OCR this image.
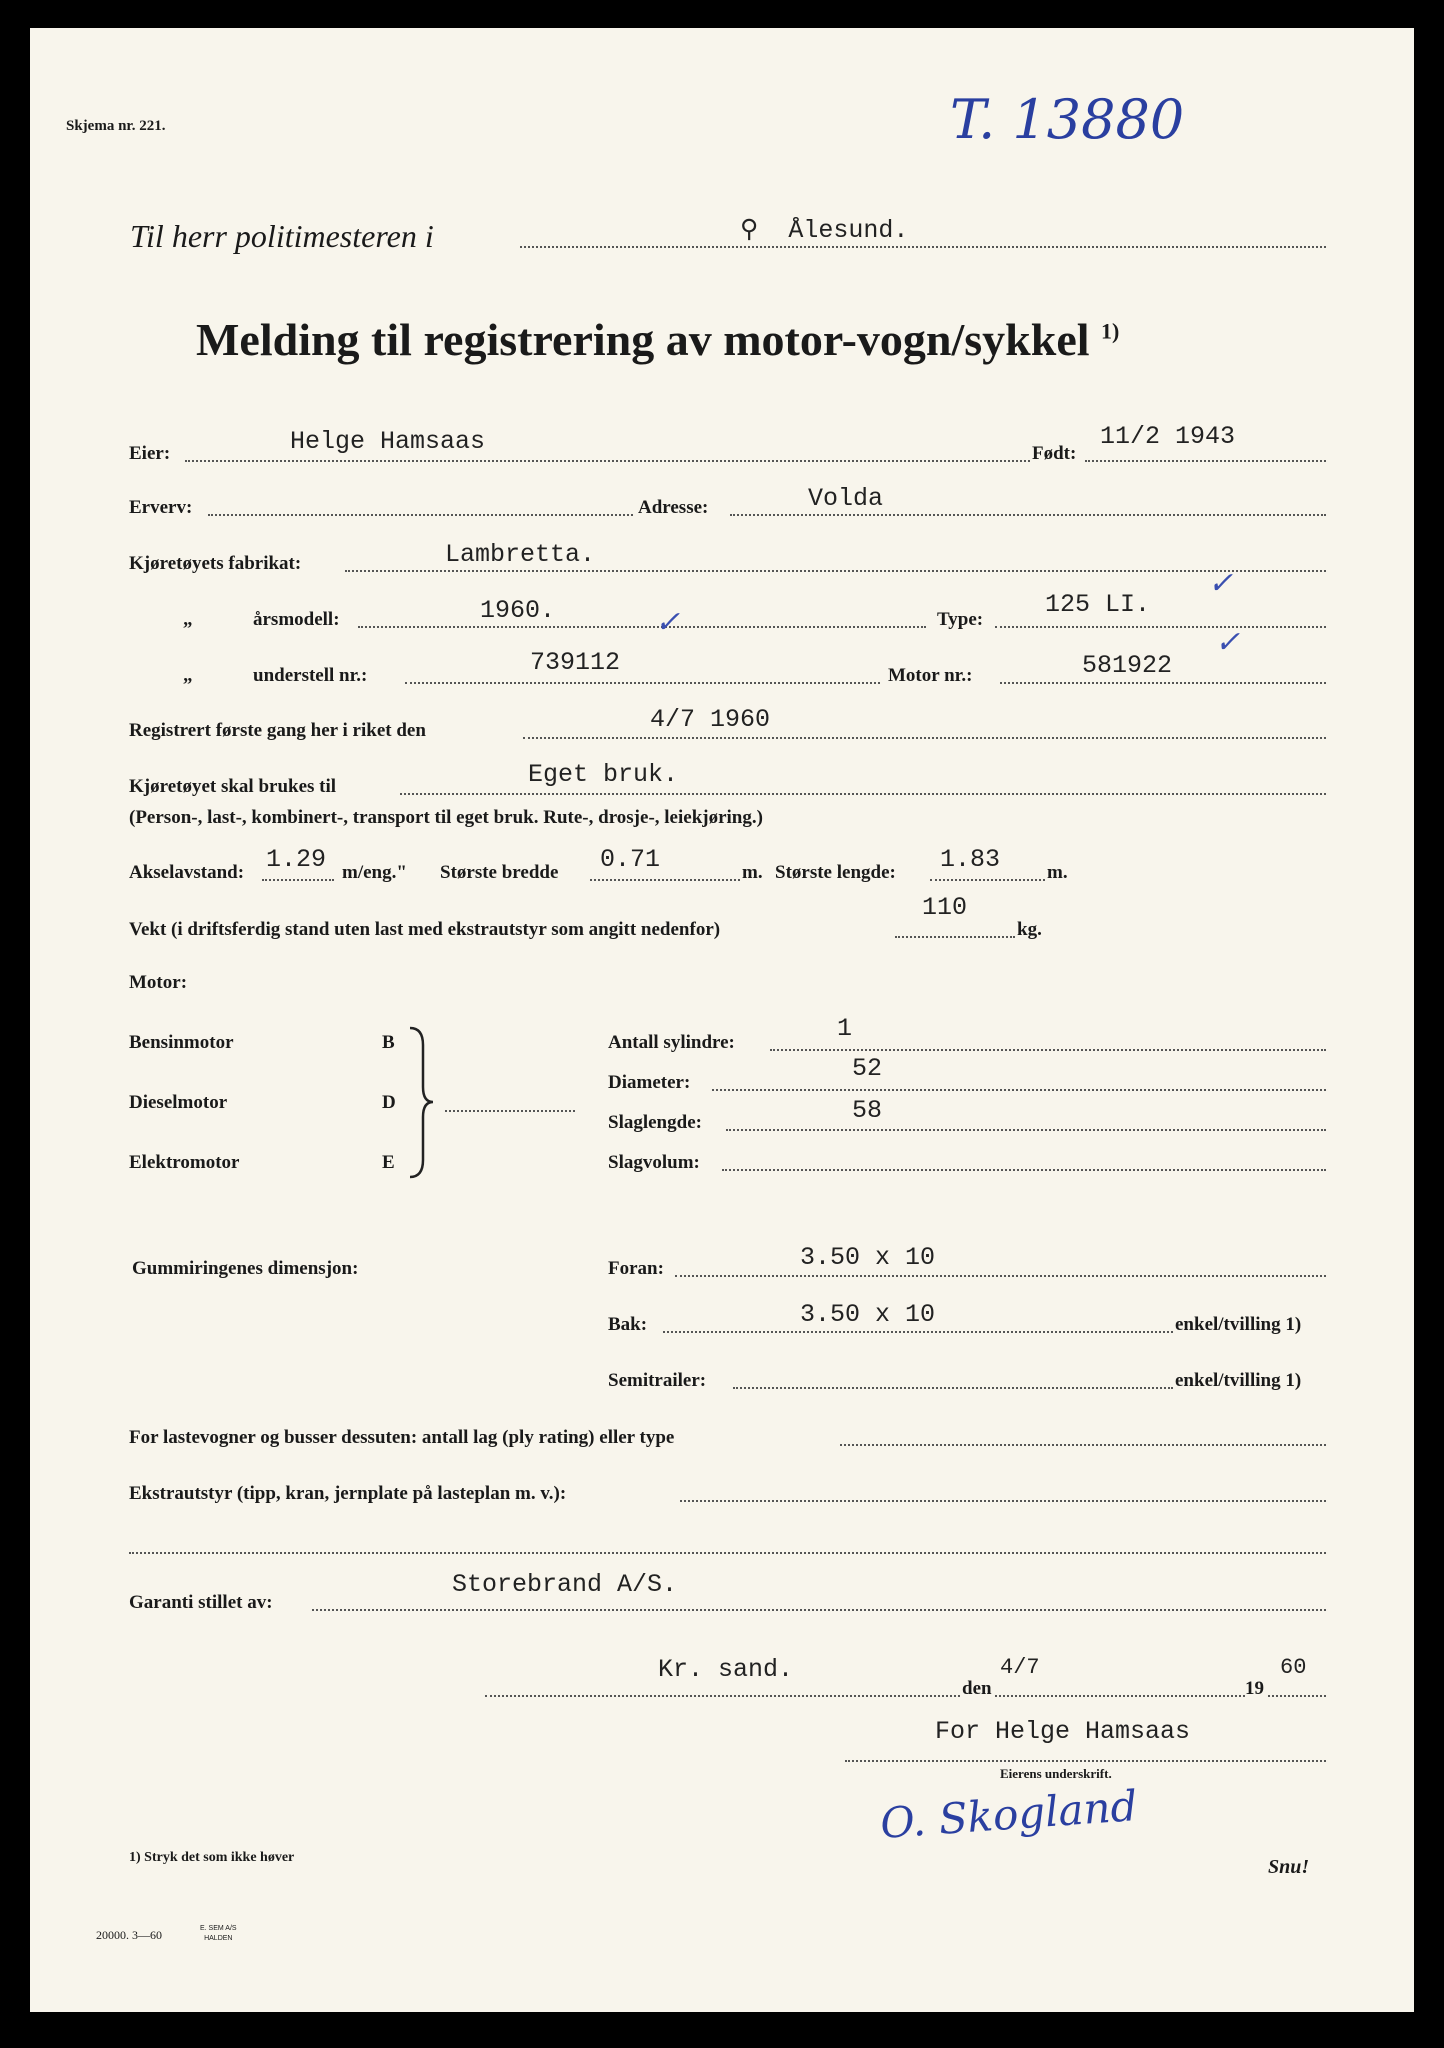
Skjema nr. 221.	T. 13880
Til herr politimesteren i	⚲ Ålesund.
Melding til registrering av motor-vogn/sykkel $^{1)}$
Eier:	Helge Hamsaas	Født:
11/2 1943
Erverv:	Adresse:	Volda
Kjøretøyets fabrikat:	Lambretta.
„	årsmodell:	1960.	✓	Type:
125 LI.
✓
„	understell nr.:	739112	Motor nr.:	581922
✓
Registrert første gang her i riket den	4/7 1960
Kjøretøyet skal brukes til	Eget bruk.
(Person-, last-, kombinert-, transport til eget bruk. Rute-, drosje-, leiekjøring.)
Akselavstand: 1.29 m/eng." Største bredde 0.71	m. Største lengde: 1.83 m.
Vekt (i driftsferdig stand uten last med ekstrautstyr som angitt nedenfor)
110
kg.
Motor:
Bensinmotor	B
Dieselmotor	D
Elektromotor	E
Antall sylindre:	1
Diameter:	52
Slaglengde:	58
Slagvolum:
Gummiringenes dimensjon:	Foran:	3.50 x 10
Bak:	3.50 x 10	enkel/tvilling 1)
Semitrailer:	enkel/tvilling 1)
For lastevogner og busser dessuten: antall lag (ply rating) eller type
Ekstrautstyr (tipp, kran, jernplate på lasteplan m. v.):
Garanti stillet av:
Storebrand A/S.
Kr. sand.
den
4/7
19
60
For Helge Hamsaas
Eierens underskrift.
O. Skogland
1) Stryk det som ikke høver	Snu!
20000. 3—60	E. SEM A/S
HALDEN
